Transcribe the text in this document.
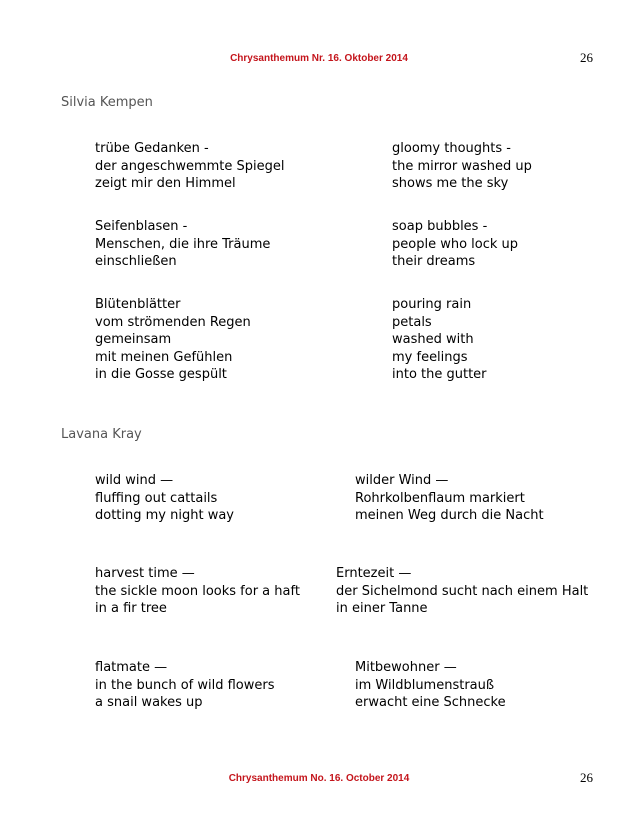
Chrysanthemum Nr. 16. Oktober 2014	26
Silvia Kempen
trübe Gedanken -
der angeschwemmte Spiegel
zeigt mir den Himmel
gloomy thoughts -
the mirror washed up
shows me the sky
Seifenblasen -
Menschen, die ihre Träume
einschließen
soap bubbles -
people who lock up
their dreams
Blütenblätter
vom strömenden Regen
gemeinsam
mit meinen Gefühlen
in die Gosse gespült
pouring rain
petals
washed with
my feelings
into the gutter
Lavana Kray
wild wind —
fluffing out cattails
dotting my night way
wilder Wind —
Rohrkolbenflaum markiert
meinen Weg durch die Nacht
harvest time —
the sickle moon looks for a haft
in a fir tree
Erntezeit —
der Sichelmond sucht nach einem Halt
in einer Tanne
flatmate —
in the bunch of wild flowers
a snail wakes up
Mitbewohner —
im Wildblumenstrauß
erwacht eine Schnecke
Chrysanthemum No. 16. October 2014	26
